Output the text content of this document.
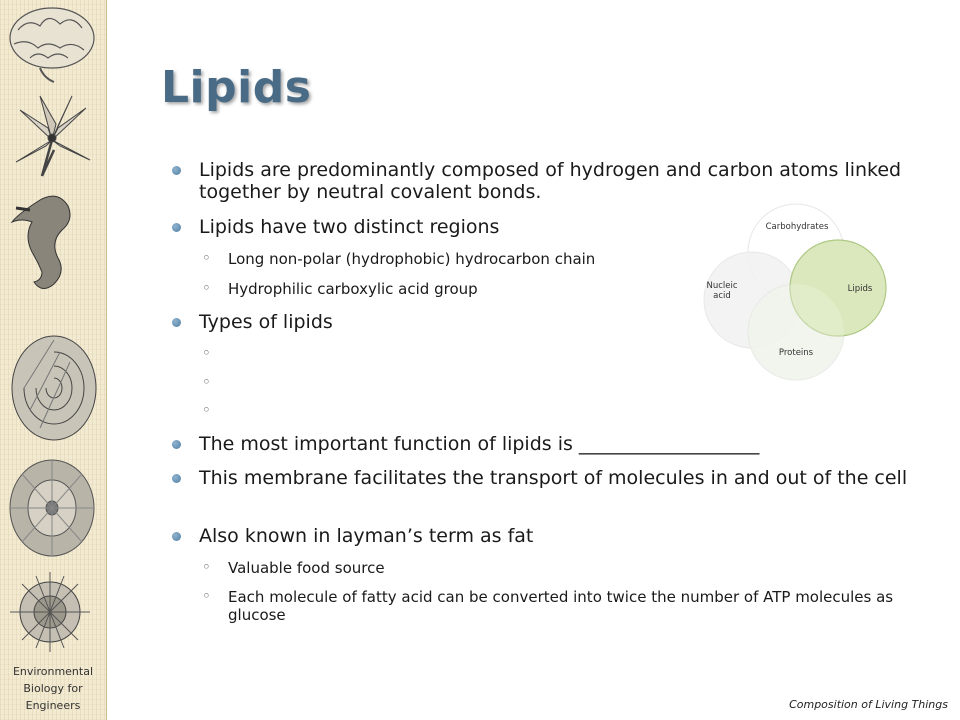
Environmental
Biology for
Engineers
Lipids

Lipids are predominantly composed of hydrogen and carbon atoms linked together by neutral covalent bonds.

Lipids have two distinct regions

◦ Long non-polar (hydrophobic) hydrocarbon chain

◦ Hydrophilic carboxylic acid group

Types of lipids

◦

◦

◦

The most important function of lipids is ___________________

This membrane facilitates the transport of molecules in and out of the cell

Also known in layman’s term as fat

◦ Valuable food source

◦ Each molecule of fatty acid can be converted into twice the number of ATP molecules as glucose

Carbohydrates
Lipids
Proteins
Nucleic
acid
Composition of Living Things
